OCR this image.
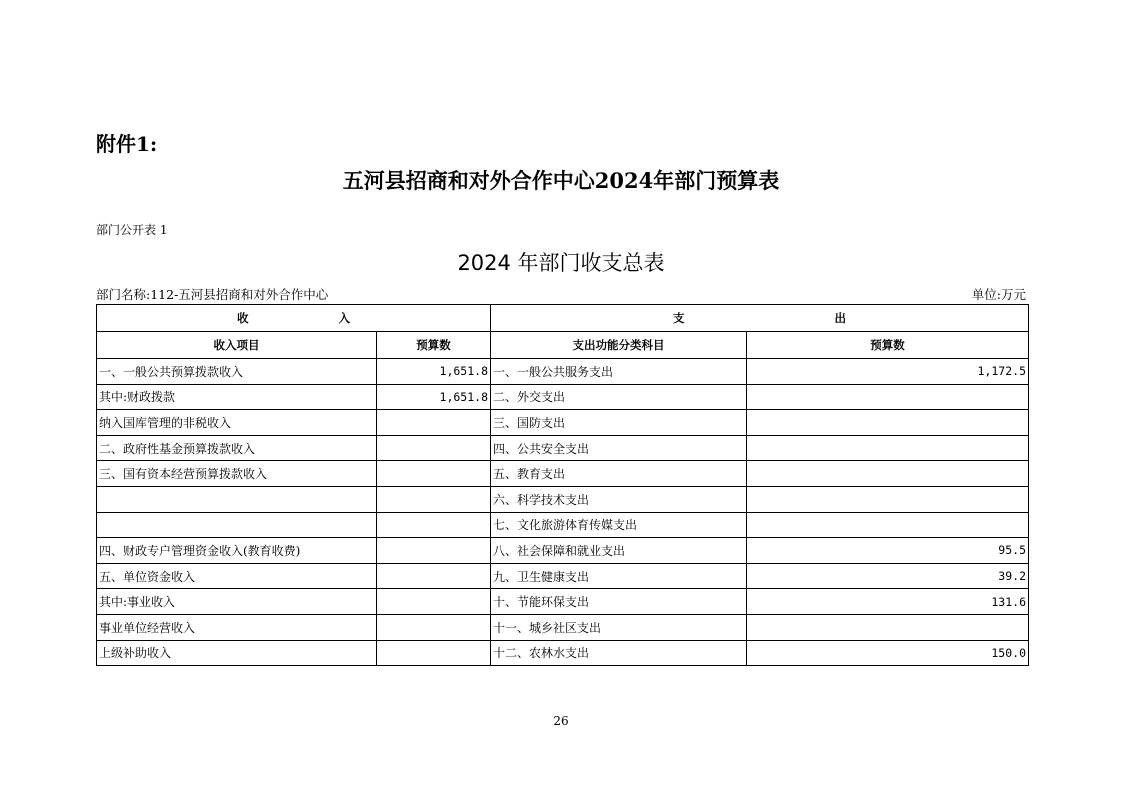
附件1:
五河县招商和对外合作中心2024年部门预算表
部门公开表 1
2024 年部门收支总表
部门名称:112-五河县招商和对外合作中心	单位:万元
收 入		支 出	
收入项目	预算数	支出功能分类科目	预算数
一、一般公共预算拨款收入	1,651.8	一、一般公共服务支出	1,172.5
其中:财政拨款	1,651.8	二、外交支出	
纳入国库管理的非税收入		三、国防支出	
二、政府性基金预算拨款收入		四、公共安全支出	
三、国有资本经营预算拨款收入		五、教育支出	
		六、科学技术支出	
		七、文化旅游体育传媒支出	
四、财政专户管理资金收入(教育收费)		八、社会保障和就业支出	95.5
五、单位资金收入		九、卫生健康支出	39.2
其中:事业收入		十、节能环保支出	131.6
事业单位经营收入		十一、城乡社区支出	
上级补助收入		十二、农林水支出	150.0
26
